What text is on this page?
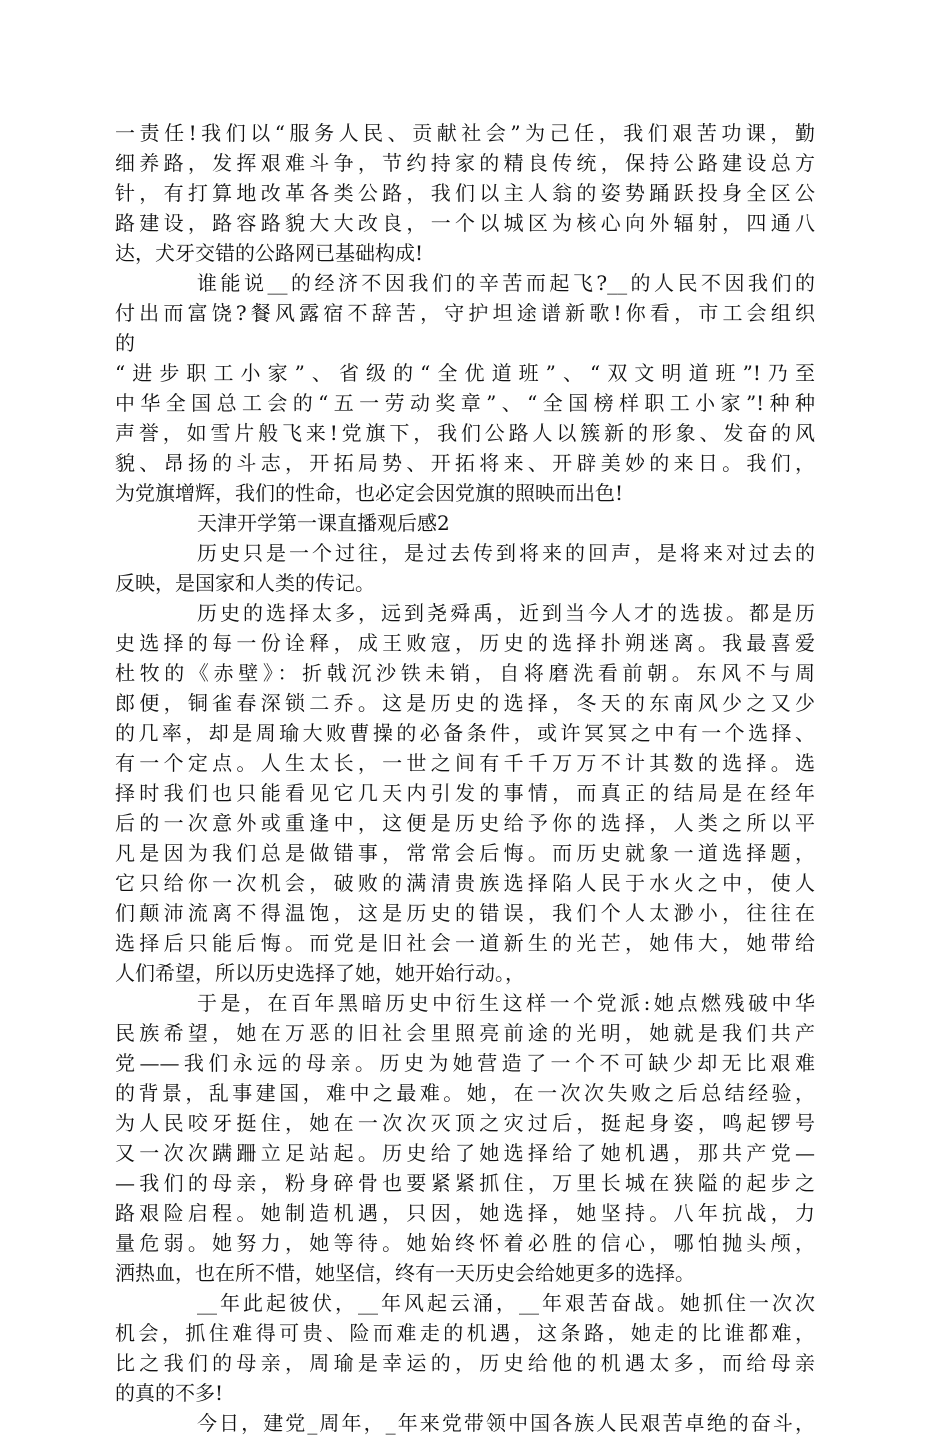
一责任!我们以“服务人民、贡献社会”为己任，我们艰苦功课，勤
细养路，发挥艰难斗争，节约持家的精良传统，保持公路建设总方
针，有打算地改革各类公路，我们以主人翁的姿势踊跃投身全区公
路建设，路容路貌大大改良，一个以城区为核心向外辐射，四通八
达，犬牙交错的公路网已基础构成!
谁能说__的经济不因我们的辛苦而起飞?__的人民不因我们的
付出而富饶?餐风露宿不辞苦，守护坦途谱新歌!你看，市工会组织
的
“进步职工小家”、省级的“全优道班”、“双文明道班”!乃至
中华全国总工会的“五一劳动奖章”、“全国榜样职工小家”!种种
声誉，如雪片般飞来!党旗下，我们公路人以簇新的形象、发奋的风
貌、昂扬的斗志，开拓局势、开拓将来、开辟美妙的来日。我们，
为党旗增辉，我们的性命，也必定会因党旗的照映而出色!
天津开学第一课直播观后感2
历史只是一个过往，是过去传到将来的回声，是将来对过去的
反映，是国家和人类的传记。
历史的选择太多，远到尧舜禹，近到当今人才的选拔。都是历
史选择的每一份诠释，成王败寇，历史的选择扑朔迷离。我最喜爱
杜牧的《赤壁》：折戟沉沙铁未销，自将磨洗看前朝。东风不与周
郎便，铜雀春深锁二乔。这是历史的选择，冬天的东南风少之又少
的几率，却是周瑜大败曹操的必备条件，或许冥冥之中有一个选择、
有一个定点。人生太长，一世之间有千千万万不计其数的选择。选
择时我们也只能看见它几天内引发的事情，而真正的结局是在经年
后的一次意外或重逢中，这便是历史给予你的选择，人类之所以平
凡是因为我们总是做错事，常常会后悔。而历史就象一道选择题，
它只给你一次机会，破败的满清贵族选择陷人民于水火之中，使人
们颠沛流离不得温饱，这是历史的错误，我们个人太渺小，往往在
选择后只能后悔。而党是旧社会一道新生的光芒，她伟大，她带给
人们希望，所以历史选择了她，她开始行动。，
于是，在百年黑暗历史中衍生这样一个党派:她点燃残破中华
民族希望，她在万恶的旧社会里照亮前途的光明，她就是我们共产
党——我们永远的母亲。历史为她营造了一个不可缺少却无比艰难
的背景，乱事建国，难中之最难。她，在一次次失败之后总结经验，
为人民咬牙挺住，她在一次次灭顶之灾过后，挺起身姿，鸣起锣号
又一次次蹒跚立足站起。历史给了她选择给了她机遇，那共产党—
—我们的母亲，粉身碎骨也要紧紧抓住，万里长城在狭隘的起步之
路艰险启程。她制造机遇，只因，她选择，她坚持。八年抗战，力
量危弱。她努力，她等待。她始终怀着必胜的信心，哪怕抛头颅，
洒热血，也在所不惜，她坚信，终有一天历史会给她更多的选择。
__年此起彼伏，__年风起云涌，__年艰苦奋战。她抓住一次次
机会，抓住难得可贵、险而难走的机遇，这条路，她走的比谁都难，
比之我们的母亲，周瑜是幸运的，历史给他的机遇太多，而给母亲
的真的不多!
今日，建党_周年，_年来党带领中国各族人民艰苦卓绝的奋斗，
